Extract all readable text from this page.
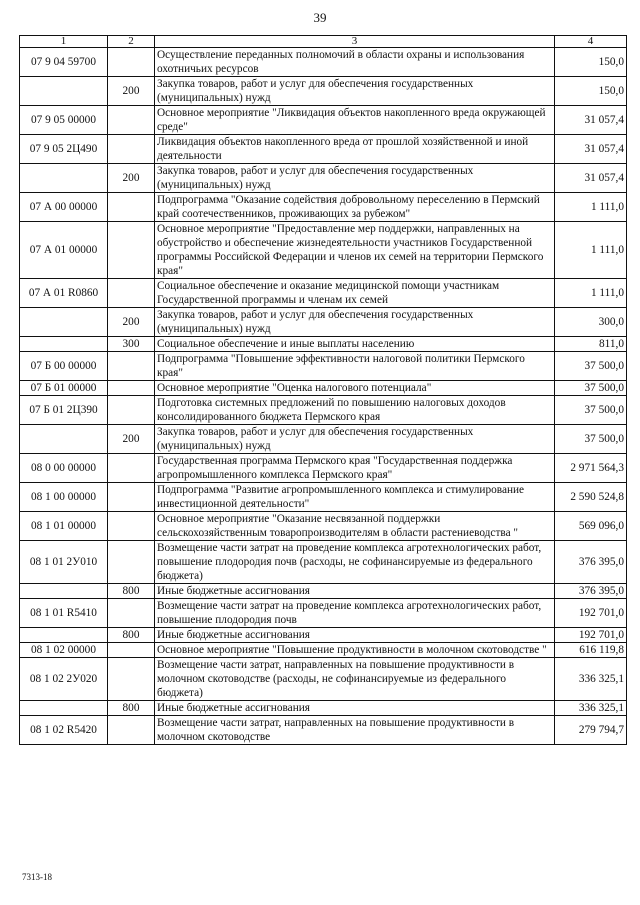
39
1	2	3	4
07 9 04 59700		Осуществление переданных полномочий в области охраны и использования охотничьих ресурсов	150,0
	200	Закупка товаров, работ и услуг для обеспечения государственных (муниципальных) нужд	150,0
07 9 05 00000		Основное мероприятие "Ликвидация объектов накопленного вреда окружающей среде"	31 057,4
07 9 05 2Ц490		Ликвидация объектов накопленного вреда от прошлой хозяйственной и иной деятельности	31 057,4
	200	Закупка товаров, работ и услуг для обеспечения государственных (муниципальных) нужд	31 057,4
07 А 00 00000		Подпрограмма "Оказание содействия добровольному переселению в Пермский край соотечественников, проживающих за рубежом"	1 111,0
07 А 01 00000		Основное мероприятие "Предоставление мер поддержки, направленных на обустройство и обеспечение жизнедеятельности участников Государственной программы Российской Федерации и членов их семей на территории Пермского края"	1 111,0
07 А 01 R0860		Социальное обеспечение и оказание медицинской помощи участникам Государственной программы и членам их семей	1 111,0
	200	Закупка товаров, работ и услуг для обеспечения государственных (муниципальных) нужд	300,0
	300	Социальное обеспечение и иные выплаты населению	811,0
07 Б 00 00000		Подпрограмма "Повышение эффективности налоговой политики Пермского края"	37 500,0
07 Б 01 00000		Основное мероприятие "Оценка налогового потенциала"	37 500,0
07 Б 01 2Ц390		Подготовка системных предложений по повышению налоговых доходов консолидированного бюджета Пермского края	37 500,0
	200	Закупка товаров, работ и услуг для обеспечения государственных (муниципальных) нужд	37 500,0
08 0 00 00000		Государственная программа Пермского края "Государственная поддержка агропромышленного комплекса Пермского края"	2 971 564,3
08 1 00 00000		Подпрограмма "Развитие агропромышленного комплекса и стимулирование инвестиционной деятельности"	2 590 524,8
08 1 01 00000		Основное мероприятие "Оказание несвязанной поддержки сельскохозяйственным товаропроизводителям в области растениеводства "	569 096,0
08 1 01 2У010		Возмещение части затрат на проведение комплекса агротехнологических работ, повышение плодородия почв (расходы, не софинансируемые из федерального бюджета)	376 395,0
	800	Иные бюджетные ассигнования	376 395,0
08 1 01 R5410		Возмещение части затрат на проведение комплекса агротехнологических работ, повышение плодородия почв	192 701,0
	800	Иные бюджетные ассигнования	192 701,0
08 1 02 00000		Основное мероприятие "Повышение продуктивности в молочном скотоводстве "	616 119,8
08 1 02 2У020		Возмещение части затрат, направленных на повышение продуктивности в молочном скотоводстве (расходы, не софинансируемые из федерального бюджета)	336 325,1
	800	Иные бюджетные ассигнования	336 325,1
08 1 02 R5420		Возмещение части затрат, направленных на повышение продуктивности в молочном скотоводстве	279 794,7
7313-18
